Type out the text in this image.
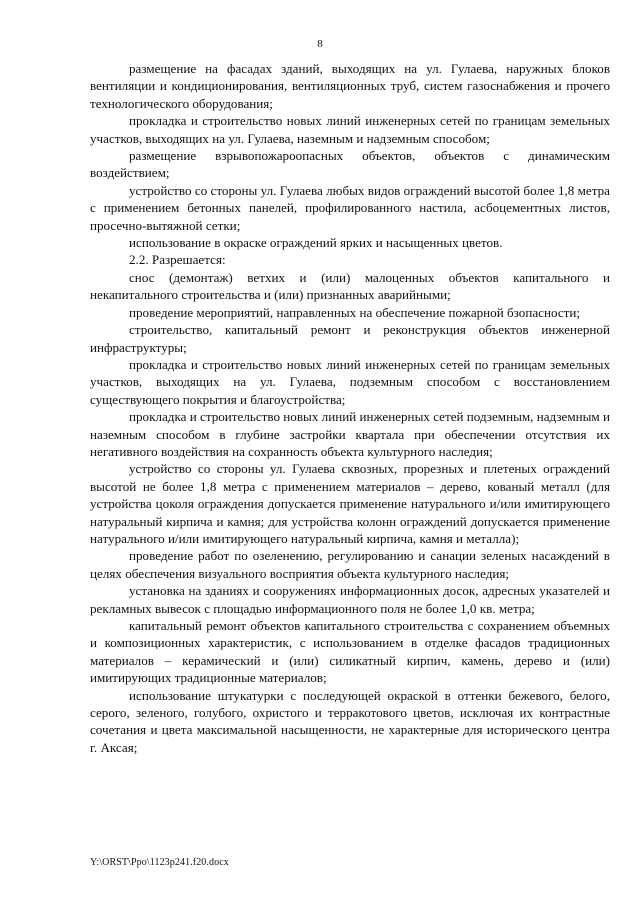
8

размещение на фасадах зданий, выходящих на ул. Гулаева, наружных блоков вентиляции и кондиционирования, вентиляционных труб, систем газоснабжения и прочего технологического оборудования;

прокладка и строительство новых линий инженерных сетей по границам земельных участков, выходящих на ул. Гулаева, наземным и надземным способом;

размещение взрывопожароопасных объектов, объектов с динамическим воздействием;

устройство со стороны ул. Гулаева любых видов ограждений высотой более 1,8 метра с применением бетонных панелей, профилированного настила, асбоцементных листов, просечно-вытяжной сетки;

использование в окраске ограждений ярких и насыщенных цветов.

2.2. Разрешается:

снос (демонтаж) ветхих и (или) малоценных объектов капитального и некапитального строительства и (или) признанных аварийными;

проведение мероприятий, направленных на обеспечение пожарной бзопасности;

строительство, капитальный ремонт и реконструкция объектов инженерной инфраструктуры;

прокладка и строительство новых линий инженерных сетей по границам земельных участков, выходящих на ул. Гулаева, подземным способом с восстановлением существующего покрытия и благоустройства;

прокладка и строительство новых линий инженерных сетей подземным, надземным и наземным способом в глубине застройки квартала при обеспечении отсутствия их негативного воздействия на сохранность объекта культурного наследия;

устройство со стороны ул. Гулаева сквозных, прорезных и плетеных ограждений высотой не более 1,8 метра с применением материалов – дерево, кованый металл (для устройства цоколя ограждения допускается применение натурального и/или имитирующего натуральный кирпича и камня; для устройства колонн ограждений допускается применение натурального и/или имитирующего натуральный кирпича, камня и металла);

проведение работ по озеленению, регулированию и санации зеленых насаждений в целях обеспечения визуального восприятия объекта культурного наследия;

установка на зданиях и сооружениях информационных досок, адресных указателей и рекламных вывесок с площадью информационного поля не более 1,0 кв. метра;

капитальный ремонт объектов капитального строительства с сохранением объемных и композиционных характеристик, с использованием в отделке фасадов традиционных материалов – керамический и (или) силикатный кирпич, камень, дерево и (или) имитирующих традиционные материалов;

использование штукатурки с последующей окраской в оттенки бежевого, белого, серого, зеленого, голубого, охристого и терракотового цветов, исключая их контрастные сочетания и цвета максимальной насыщенности, не характерные для исторического центра г. Аксая;

Y:\ORST\Ppo\1123p241.f20.docx
